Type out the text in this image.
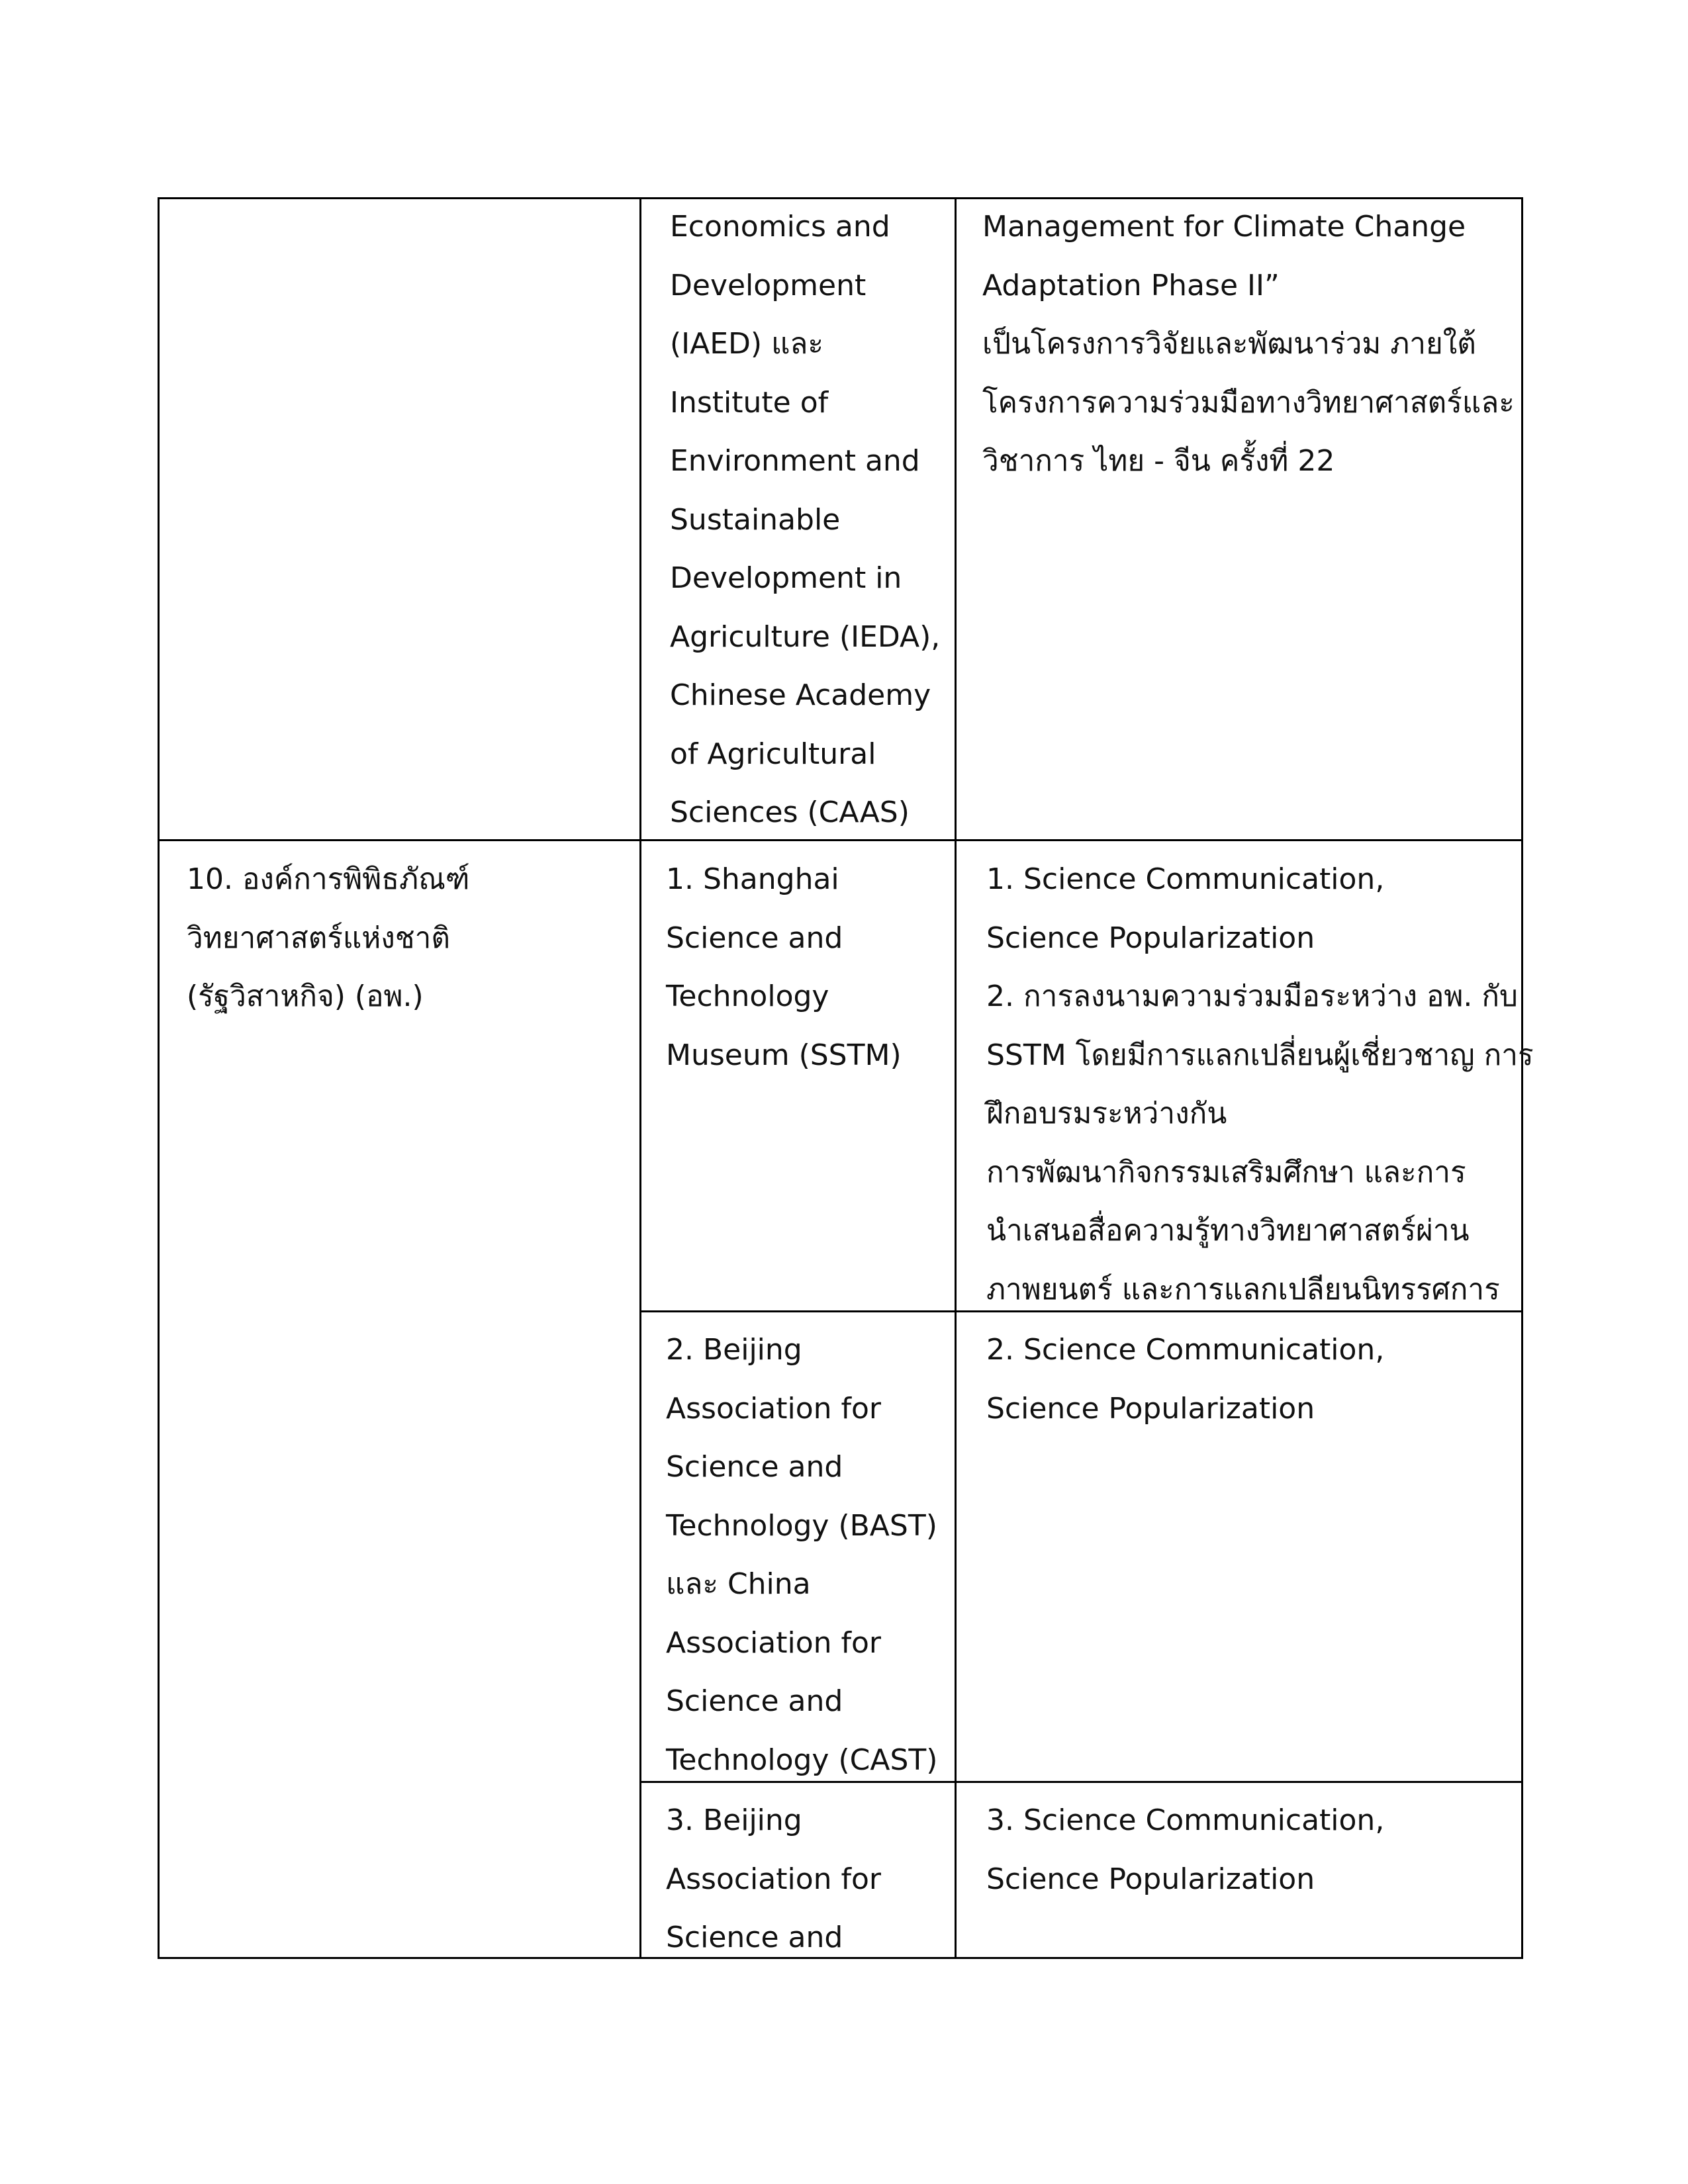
Economics and
Development
(IAED) และ
Institute of
Environment and
Sustainable
Development in
Agriculture (IEDA),
Chinese Academy
of Agricultural
Sciences (CAAS)
Management for Climate Change
Adaptation Phase II”
เป็นโครงการวิจัยและพัฒนาร่วม ภายใต้
โครงการความร่วมมือทางวิทยาศาสตร์และ
วิชาการ ไทย - จีน ครั้งที่ 22
10. องค์การพิพิธภัณฑ์
วิทยาศาสตร์แห่งชาติ
(รัฐวิสาหกิจ) (อพ.)
1. Shanghai
Science and
Technology
Museum (SSTM)
1. Science Communication,
Science Popularization
2. การลงนามความร่วมมือระหว่าง อพ. กับ
SSTM โดยมีการแลกเปลี่ยนผู้เชี่ยวชาญ การ
ฝึกอบรมระหว่างกัน
การพัฒนากิจกรรมเสริมศึกษา และการ
นำเสนอสื่อความรู้ทางวิทยาศาสตร์ผ่าน
ภาพยนตร์ และการแลกเปลียนนิทรรศการ
2. Beijing
Association for
Science and
Technology (BAST)
และ China
Association for
Science and
Technology (CAST)
2. Science Communication,
Science Popularization
3. Beijing
Association for
Science and
3. Science Communication,
Science Popularization
